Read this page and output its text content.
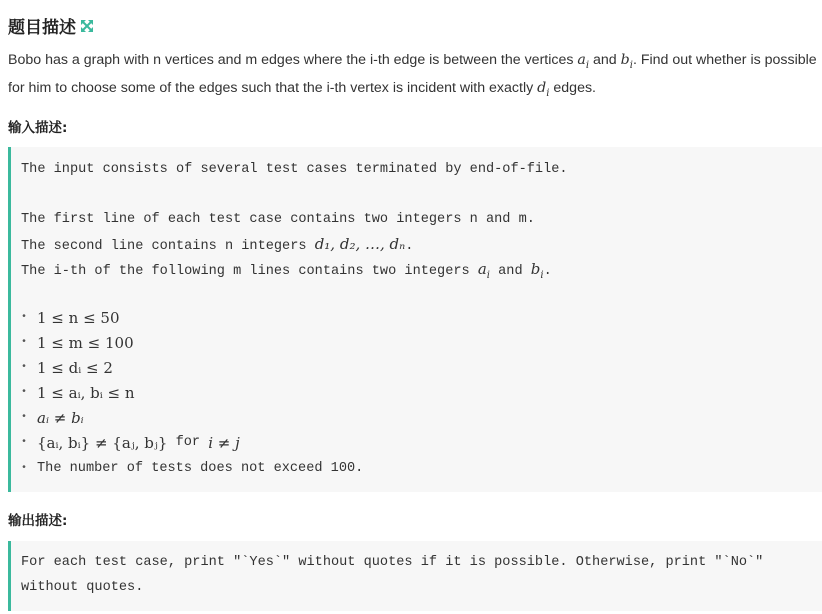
题目描述
Bobo has a graph with n vertices and m edges where the i-th edge is between the vertices $a_i$ and $b_i$. Find out whether is possible for him to choose some of the edges such that the i-th vertex is incident with exactly $d_i$ edges.
输入描述:
The input consists of several test cases terminated by end-of-file.
The first line of each test case contains two integers n and m.
The second line contains n integers d₁, d₂, …, dₙ.
The i-th of the following m lines contains two integers $a_i$ and $b_i$.
• 1 ≤ n ≤ 50
• 1 ≤ m ≤ 100
• 1 ≤ dᵢ ≤ 2
• 1 ≤ aᵢ, bᵢ ≤ n
• aᵢ ≠ bᵢ
• {aᵢ, bᵢ} ≠ {aⱼ, bⱼ} for i ≠ j
• The number of tests does not exceed 100.
输出描述:
For each test case, print "`Yes`" without quotes if it is possible. Otherwise, print "`No`"
without quotes.
